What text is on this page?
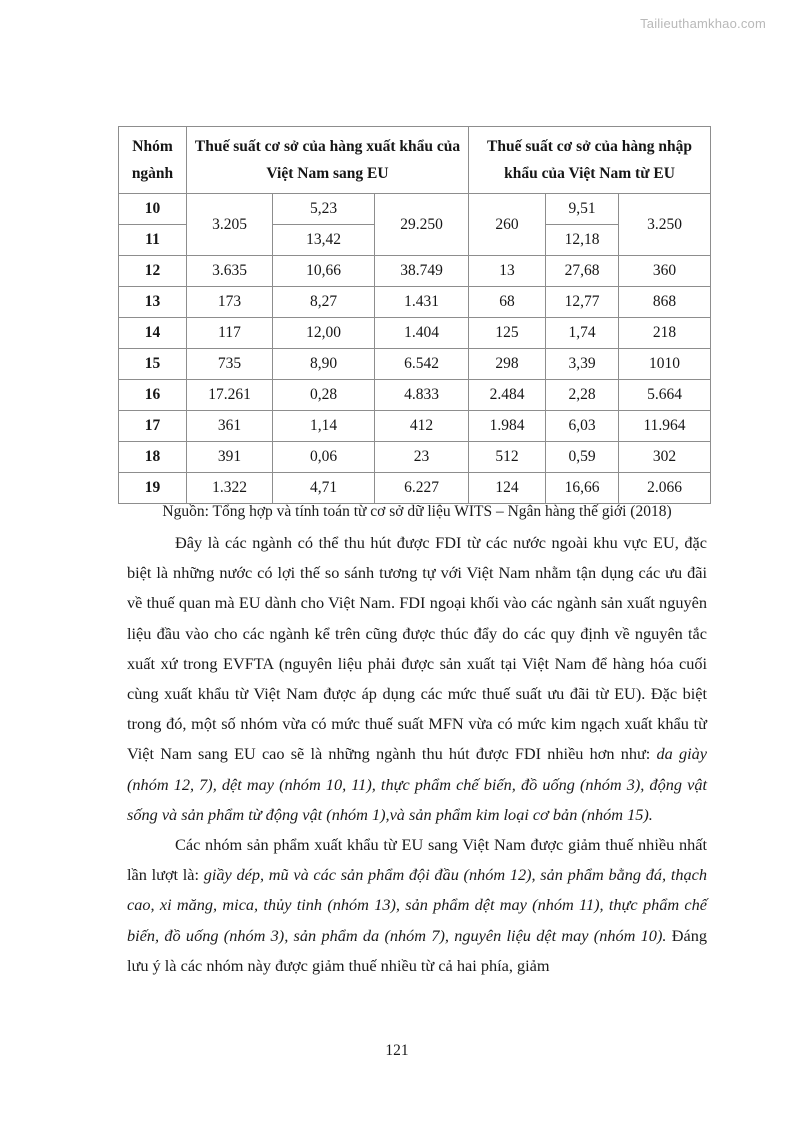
Tailieuthamkhao.com
Nhóm ngành	Thuế suất cơ sở của hàng xuất khẩu của Việt Nam sang EU			Thuế suất cơ sở của hàng nhập khẩu của Việt Nam từ EU		
10	3.205	5,23	29.250	260	9,51	3.250
11		13,42			12,18	
12	3.635	10,66	38.749	13	27,68	360
13	173	8,27	1.431	68	12,77	868
14	117	12,00	1.404	125	1,74	218
15	735	8,90	6.542	298	3,39	1010
16	17.261	0,28	4.833	2.484	2,28	5.664
17	361	1,14	412	1.984	6,03	11.964
18	391	0,06	23	512	0,59	302
19	1.322	4,71	6.227	124	16,66	2.066
Nguồn: Tổng hợp và tính toán từ cơ sở dữ liệu WITS – Ngân hàng thế giới (2018)

Đây là các ngành có thể thu hút được FDI từ các nước ngoài khu vực EU, đặc biệt là những nước có lợi thế so sánh tương tự với Việt Nam nhằm tận dụng các ưu đãi về thuế quan mà EU dành cho Việt Nam. FDI ngoại khối vào các ngành sản xuất nguyên liệu đầu vào cho các ngành kể trên cũng được thúc đẩy do các quy định về nguyên tắc xuất xứ trong EVFTA (nguyên liệu phải được sản xuất tại Việt Nam để hàng hóa cuối cùng xuất khẩu từ Việt Nam được áp dụng các mức thuế suất ưu đãi từ EU). Đặc biệt trong đó, một số nhóm vừa có mức thuế suất MFN vừa có mức kim ngạch xuất khẩu từ Việt Nam sang EU cao sẽ là những ngành thu hút được FDI nhiều hơn như: da giày (nhóm 12, 7), dệt may (nhóm 10, 11), thực phẩm chế biến, đồ uống (nhóm 3), động vật sống và sản phẩm từ động vật (nhóm 1),và sản phẩm kim loại cơ bản (nhóm 15).

Các nhóm sản phẩm xuất khẩu từ EU sang Việt Nam được giảm thuế nhiều nhất lần lượt là: giầy dép, mũ và các sản phẩm đội đầu (nhóm 12), sản phẩm bằng đá, thạch cao, xi măng, mica, thủy tinh (nhóm 13), sản phẩm dệt may (nhóm 11), thực phẩm chế biến, đồ uống (nhóm 3), sản phẩm da (nhóm 7), nguyên liệu dệt may (nhóm 10). Đáng lưu ý là các nhóm này được giảm thuế nhiều từ cả hai phía, giảm

121
